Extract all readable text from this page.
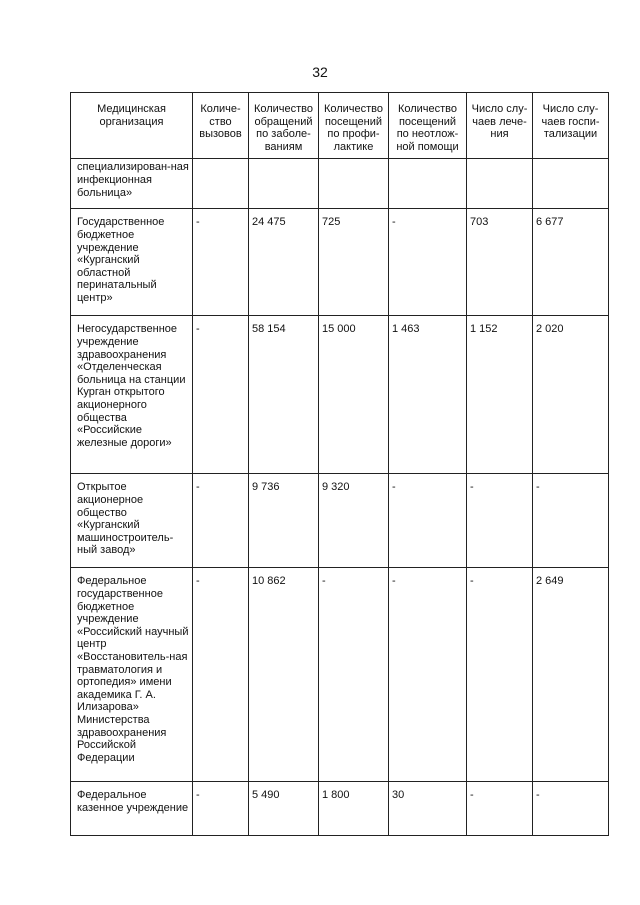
32
Медицинская организация	Количе-ство вызовов	Количество обращений по заболе-ваниям	Количество посещений по профи-лактике	Количество посещений по неотлож-ной помощи	Число слу-чаев лече-ния	Число слу-чаев госпи-тализации
специализирован-ная инфекционная больница»						
Государственное бюджетное учреждение «Курганский областной перинатальный центр»	-	24 475	725	-	703	6 677
Негосударственное учреждение здравоохранения «Отделенческая больница на станции Курган открытого акционерного общества «Российские железные дороги»	-	58 154	15 000	1 463	1 152	2 020
Открытое акционерное общество «Курганский машиностроитель-ный завод»	-	9 736	9 320	-	-	-
Федеральное государственное бюджетное учреждение «Российский научный центр «Восстановитель-ная травматология и ортопедия» имени академика Г. А. Илизарова» Министерства здравоохранения Российской Федерации	-	10 862	-	-	-	2 649
Федеральное казенное учреждение	-	5 490	1 800	30	-	-
